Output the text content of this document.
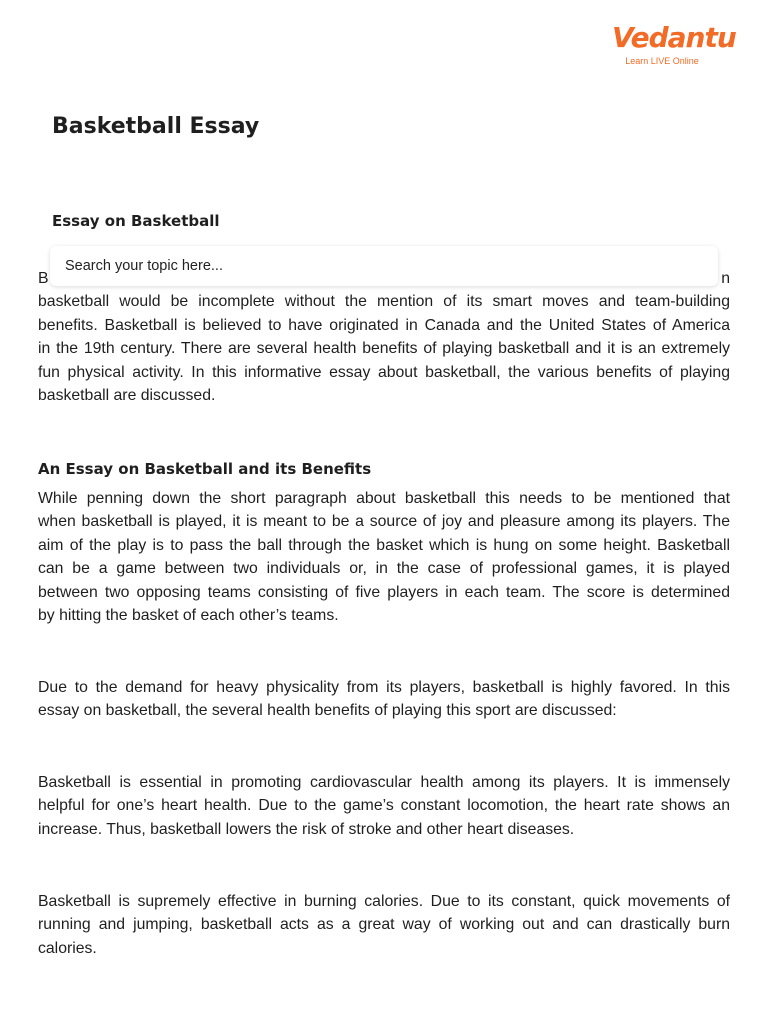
Vedantu
Learn LIVE Online
Basketball Essay
Essay on Basketball
Search your topic here...
B	n
basketball would be incomplete without the mention of its smart moves and team-building
benefits. Basketball is believed to have originated in Canada and the United States of America
in the 19th century. There are several health benefits of playing basketball and it is an extremely
fun physical activity. In this informative essay about basketball, the various benefits of playing
basketball are discussed.
An Essay on Basketball and its Benefits
While penning down the short paragraph about basketball this needs to be mentioned that
when basketball is played, it is meant to be a source of joy and pleasure among its players. The
aim of the play is to pass the ball through the basket which is hung on some height. Basketball
can be a game between two individuals or, in the case of professional games, it is played
between two opposing teams consisting of five players in each team. The score is determined
by hitting the basket of each other’s teams.
Due to the demand for heavy physicality from its players, basketball is highly favored. In this
essay on basketball, the several health benefits of playing this sport are discussed:
Basketball is essential in promoting cardiovascular health among its players. It is immensely
helpful for one’s heart health. Due to the game’s constant locomotion, the heart rate shows an
increase. Thus, basketball lowers the risk of stroke and other heart diseases.
Basketball is supremely effective in burning calories. Due to its constant, quick movements of
running and jumping, basketball acts as a great way of working out and can drastically burn
calories.
